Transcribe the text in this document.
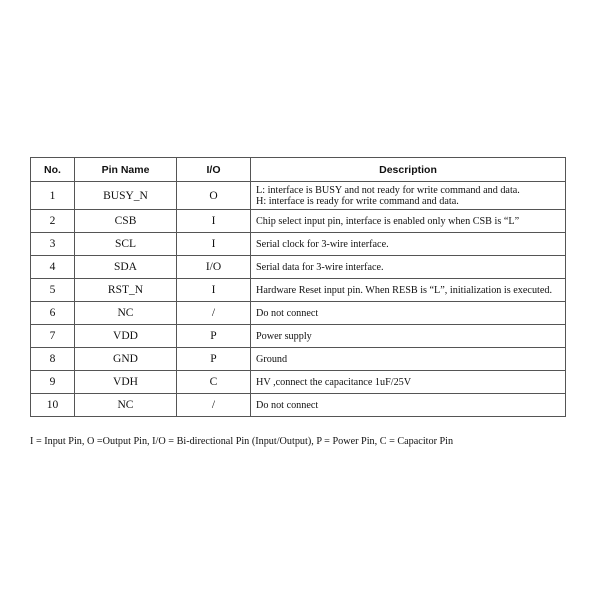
No.	Pin Name	I/O	Description
1	BUSY_N	O	L: interface is BUSY and not ready for write command and data.
H: interface is ready for write command and data.

2	CSB	I	Chip select input pin, interface is enabled only when CSB is “L”

3	SCL	I	Serial clock for 3-wire interface.

4	SDA	I/O	Serial data for 3-wire interface.

5	RST_N	I	Hardware Reset input pin. When RESB is “L”, initialization is executed.

6	NC	/	Do not connect

7	VDD	P	Power supply

8	GND	P	Ground

9	VDH	C	HV ,connect the capacitance 1uF/25V

10	NC	/	Do not connect
I = Input Pin, O =Output Pin, I/O = Bi-directional Pin (Input/Output), P = Power Pin, C = Capacitor Pin
